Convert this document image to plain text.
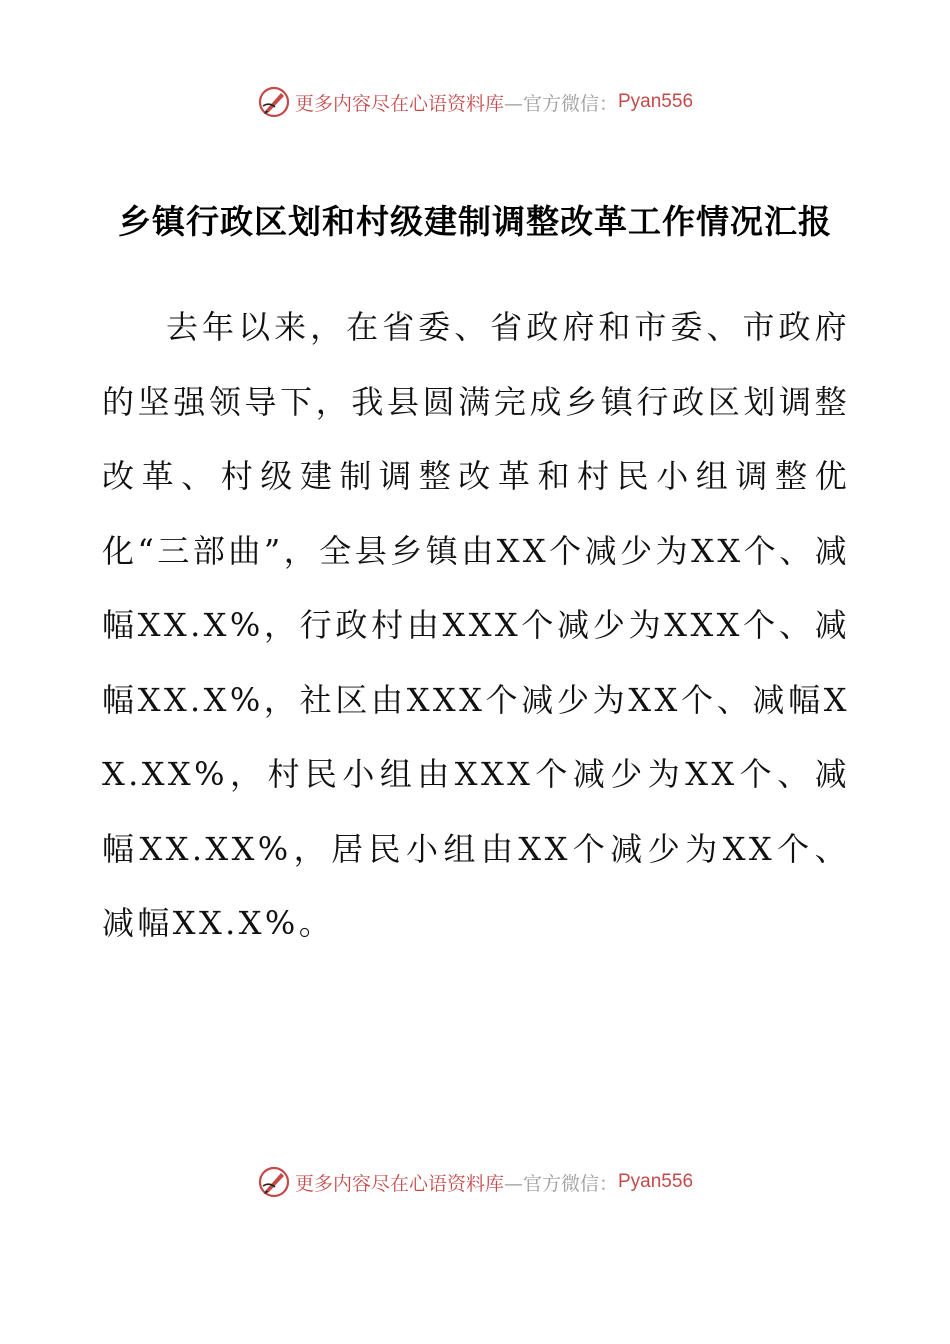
更多内容尽在心语资料库 —官方微信： Pyan556
乡镇行政区划和村级建制调整改革工作情况汇报

去年以来，在省委、省政府和市委、市政府的坚强领导下，我县圆满完成乡镇行政区划调整改革、村级建制调整改革和村民小组调整优化“三部曲”，全县乡镇由XX个减少为XX个、减幅XX.X%，行政村由XXX个减少为XXX个、减幅XX.X%，社区由XXX个减少为XX个、减幅XX.XX%，村民小组由XXX个减少为XX个、减幅XX.XX%，居民小组由XX个减少为XX个、减幅XX.X%。

更多内容尽在心语资料库 —官方微信： Pyan556
